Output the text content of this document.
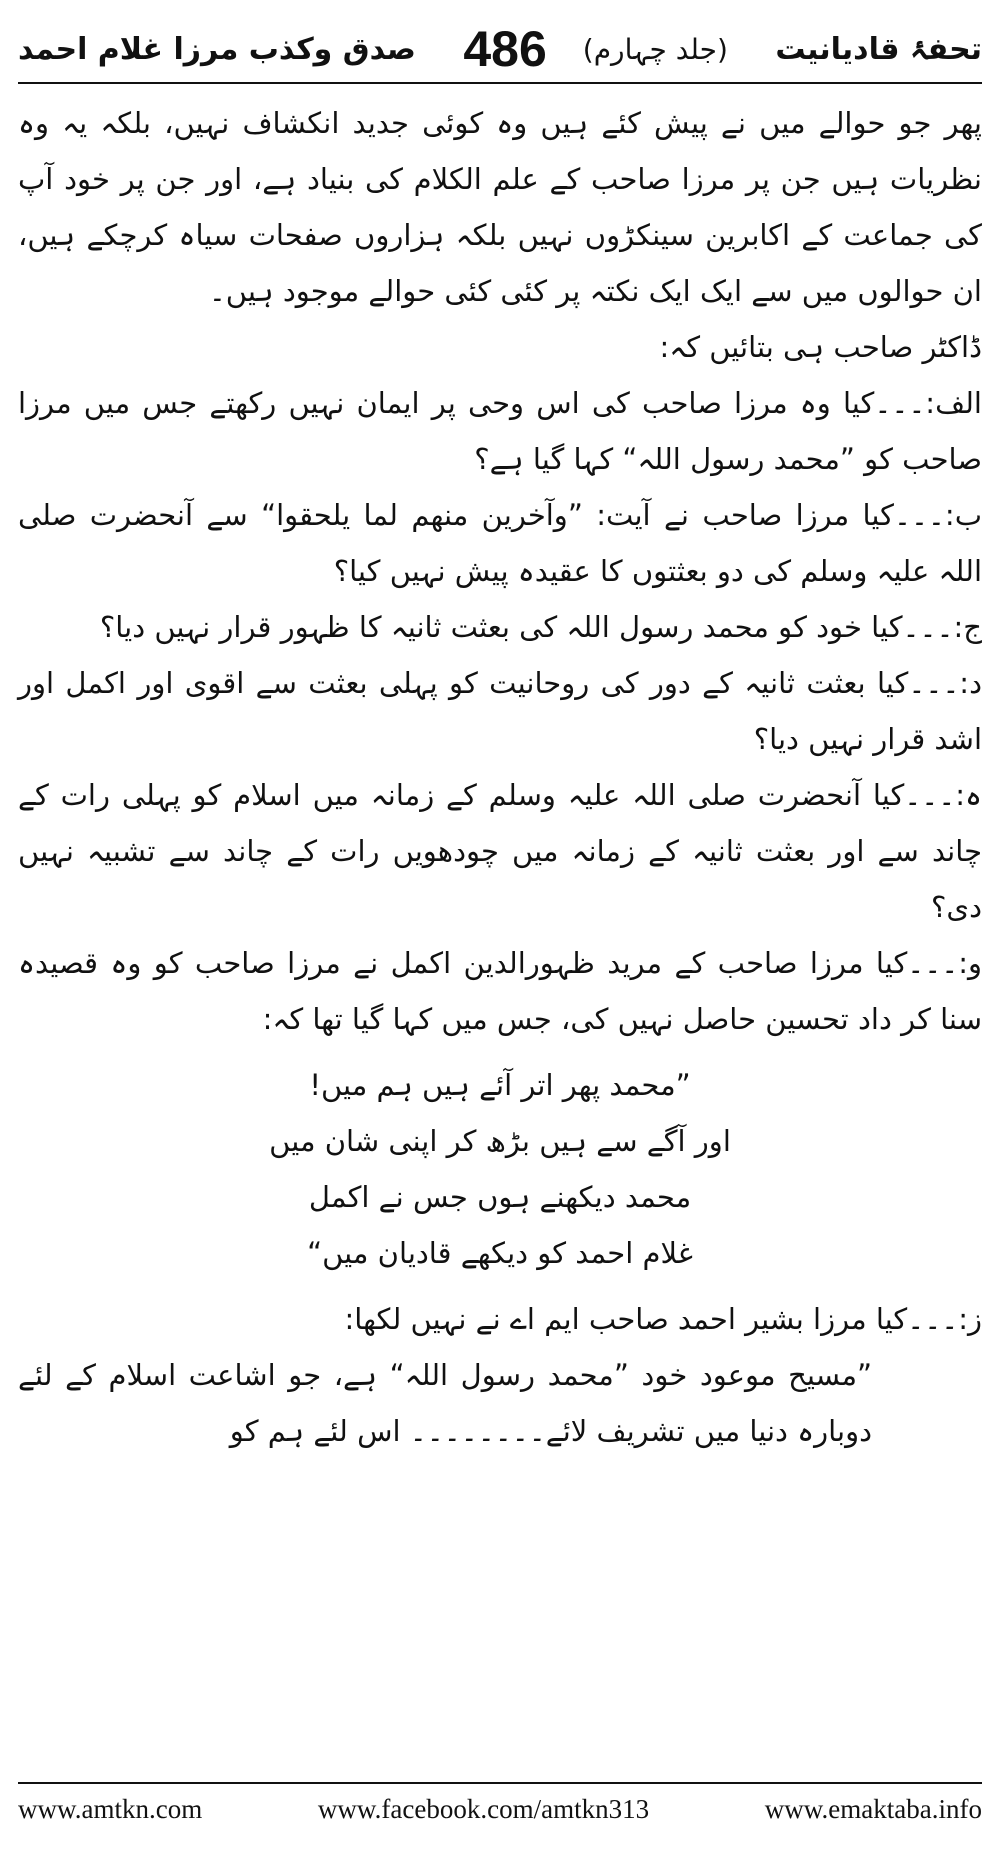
صدق وکذب مرزا غلام احمد 486 (جلد چہارم) تحفۂ قادیانیت

پھر جو حوالے میں نے پیش کئے ہیں وہ کوئی جدید انکشاف نہیں، بلکہ یہ وہ نظریات ہیں جن پر مرزا صاحب کے علم الکلام کی بنیاد ہے، اور جن پر خود آپ کی جماعت کے اکابرین سینکڑوں نہیں بلکہ ہزاروں صفحات سیاہ کرچکے ہیں، ان حوالوں میں سے ایک ایک نکتہ پر کئی کئی حوالے موجود ہیں۔

ڈاکٹر صاحب ہی بتائیں کہ:

الف:۔۔۔کیا وہ مرزا صاحب کی اس وحی پر ایمان نہیں رکھتے جس میں مرزا صاحب کو ”محمد رسول اللہ“ کہا گیا ہے؟

ب:۔۔۔کیا مرزا صاحب نے آیت: ”وآخرین منھم لما یلحقوا“ سے آنحضرت صلی اللہ علیہ وسلم کی دو بعثتوں کا عقیدہ پیش نہیں کیا؟

ج:۔۔۔کیا خود کو محمد رسول اللہ کی بعثت ثانیہ کا ظہور قرار نہیں دیا؟

د:۔۔۔کیا بعثت ثانیہ کے دور کی روحانیت کو پہلی بعثت سے اقوی اور اکمل اور اشد قرار نہیں دیا؟

ہ:۔۔۔کیا آنحضرت صلی اللہ علیہ وسلم کے زمانہ میں اسلام کو پہلی رات کے چاند سے اور بعثت ثانیہ کے زمانہ میں چودھویں رات کے چاند سے تشبیہ نہیں دی؟

و:۔۔۔کیا مرزا صاحب کے مرید ظہورالدین اکمل نے مرزا صاحب کو وہ قصیدہ سنا کر داد تحسین حاصل نہیں کی، جس میں کہا گیا تھا کہ:

”محمد پھر اتر آئے ہیں ہم میں!
اور آگے سے ہیں بڑھ کر اپنی شان میں
محمد دیکھنے ہوں جس نے اکمل
غلام احمد کو دیکھے قادیان میں“

ز:۔۔۔کیا مرزا بشیر احمد صاحب ایم اے نے نہیں لکھا:

”مسیح موعود خود ”محمد رسول اللہ“ ہے، جو اشاعت اسلام کے لئے دوبارہ دنیا میں تشریف لائے۔۔۔۔۔۔۔۔ اس لئے ہم کو

www.amtkn.com	www.facebook.com/amtkn313	www.emaktaba.info
